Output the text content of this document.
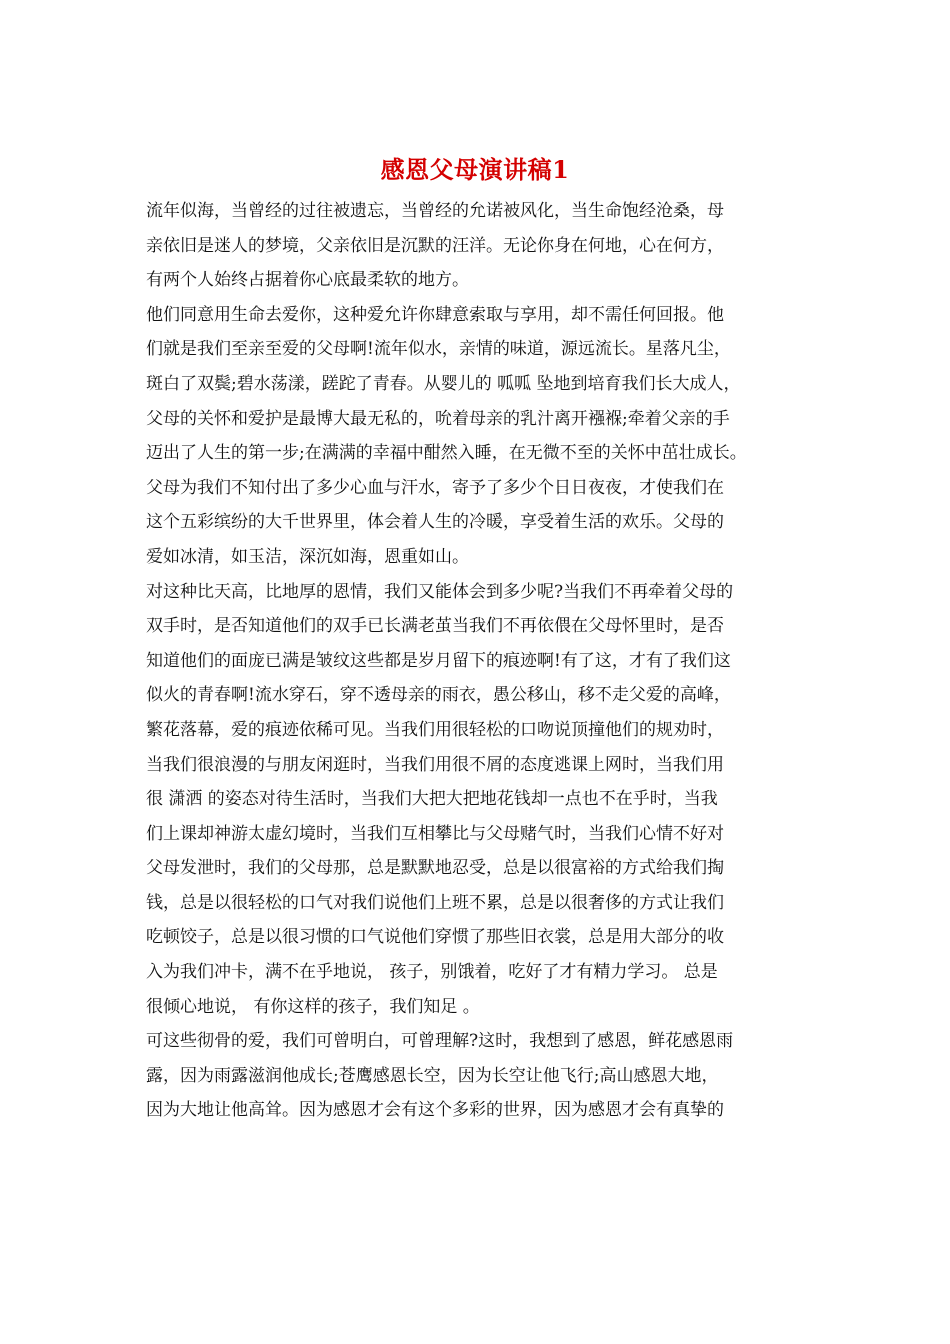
感恩父母演讲稿1

流年似海，当曾经的过往被遗忘，当曾经的允诺被风化，当生命饱经沧桑，母

亲依旧是迷人的梦境，父亲依旧是沉默的汪洋。无论你身在何地，心在何方，

有两个人始终占据着你心底最柔软的地方。

他们同意用生命去爱你，这种爱允许你肆意索取与享用，却不需任何回报。他

们就是我们至亲至爱的父母啊!流年似水，亲情的味道，源远流长。星落凡尘，

斑白了双鬓;碧水荡漾，蹉跎了青春。从婴儿的 呱呱 坠地到培育我们长大成人，

父母的关怀和爱护是最博大最无私的，吮着母亲的乳汁离开襁褓;牵着父亲的手

迈出了人生的第一步;在满满的幸福中酣然入睡，在无微不至的关怀中茁壮成长。

父母为我们不知付出了多少心血与汗水，寄予了多少个日日夜夜，才使我们在

这个五彩缤纷的大千世界里，体会着人生的冷暖，享受着生活的欢乐。父母的

爱如冰清，如玉洁，深沉如海，恩重如山。

对这种比天高，比地厚的恩情，我们又能体会到多少呢?当我们不再牵着父母的

双手时，是否知道他们的双手已长满老茧当我们不再依偎在父母怀里时，是否

知道他们的面庞已满是皱纹这些都是岁月留下的痕迹啊!有了这，才有了我们这

似火的青春啊!流水穿石，穿不透母亲的雨衣，愚公移山，移不走父爱的高峰，

繁花落幕，爱的痕迹依稀可见。当我们用很轻松的口吻说顶撞他们的规劝时，

当我们很浪漫的与朋友闲逛时，当我们用很不屑的态度逃课上网时，当我们用

很 潇洒 的姿态对待生活时，当我们大把大把地花钱却一点也不在乎时，当我

们上课却神游太虚幻境时，当我们互相攀比与父母赌气时，当我们心情不好对

父母发泄时，我们的父母那，总是默默地忍受，总是以很富裕的方式给我们掏

钱，总是以很轻松的口气对我们说他们上班不累，总是以很奢侈的方式让我们

吃顿饺子，总是以很习惯的口气说他们穿惯了那些旧衣裳，总是用大部分的收

入为我们冲卡，满不在乎地说， 孩子，别饿着，吃好了才有精力学习。 总是

很倾心地说， 有你这样的孩子，我们知足 。

可这些彻骨的爱，我们可曾明白，可曾理解?这时，我想到了感恩，鲜花感恩雨

露，因为雨露滋润他成长;苍鹰感恩长空，因为长空让他飞行;高山感恩大地，

因为大地让他高耸。因为感恩才会有这个多彩的世界，因为感恩才会有真挚的
